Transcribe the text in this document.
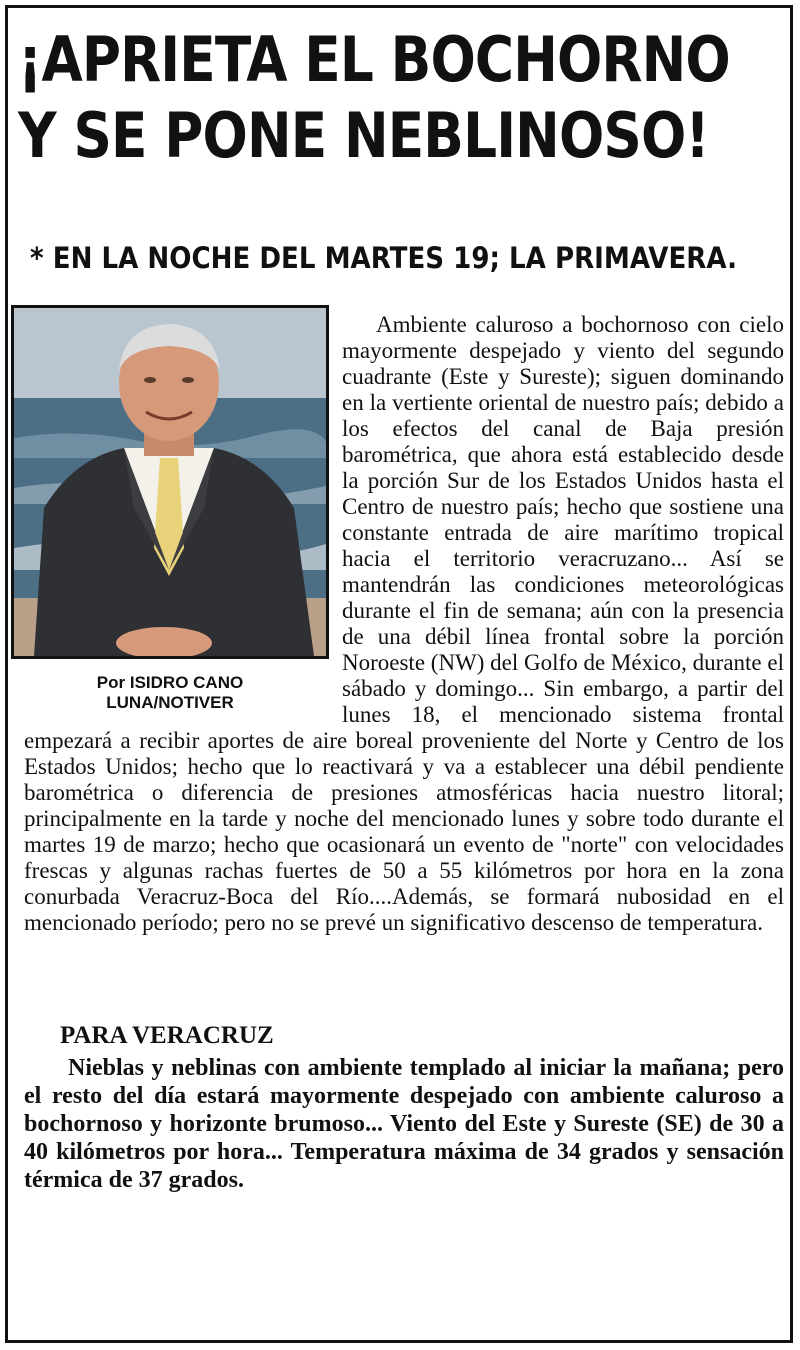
¡APRIETA EL BOCHORNO
Y SE PONE NEBLINOSO!
* EN LA NOCHE DEL MARTES 19; LA PRIMAVERA.

Por ISIDRO CANO
LUNA/NOTIVER

Ambiente caluroso a bochornoso con cielo mayormente despejado y viento del segundo cuadrante (Este y Sureste); siguen dominando en la vertiente oriental de nuestro país; debido a los efectos del canal de Baja presión barométrica, que ahora está establecido desde la porción Sur de los Estados Unidos hasta el Centro de nuestro país; hecho que sostiene una constante entrada de aire marítimo tropical hacia el territorio veracruzano... Así se mantendrán las condiciones meteorológicas durante el fin de semana; aún con la presencia de una débil línea frontal sobre la porción Noroeste (NW) del Golfo de México, durante el sábado y domingo... Sin embargo, a partir del lunes 18, el mencionado sistema frontal empezará a recibir aportes de aire boreal proveniente del Norte y Centro de los Estados Unidos; hecho que lo reactivará y va a establecer una débil pendiente barométrica o diferencia de presiones atmosféricas hacia nuestro litoral; principalmente en la tarde y noche del mencionado lunes y sobre todo durante el martes 19 de marzo; hecho que ocasionará un evento de "norte" con velocidades frescas y algunas rachas fuertes de 50 a 55 kilómetros por hora en la zona conurbada Veracruz-Boca del Río....Además, se formará nubosidad en el mencionado período; pero no se prevé un significativo descenso de temperatura.

PARA VERACRUZ

Nieblas y neblinas con ambiente templado al iniciar la mañana; pero el resto del día estará mayormente despejado con ambiente caluroso a bochornoso y horizonte brumoso... Viento del Este y Sureste (SE) de 30 a 40 kilómetros por hora... Temperatura máxima de 34 grados y sensación térmica de 37 grados.
